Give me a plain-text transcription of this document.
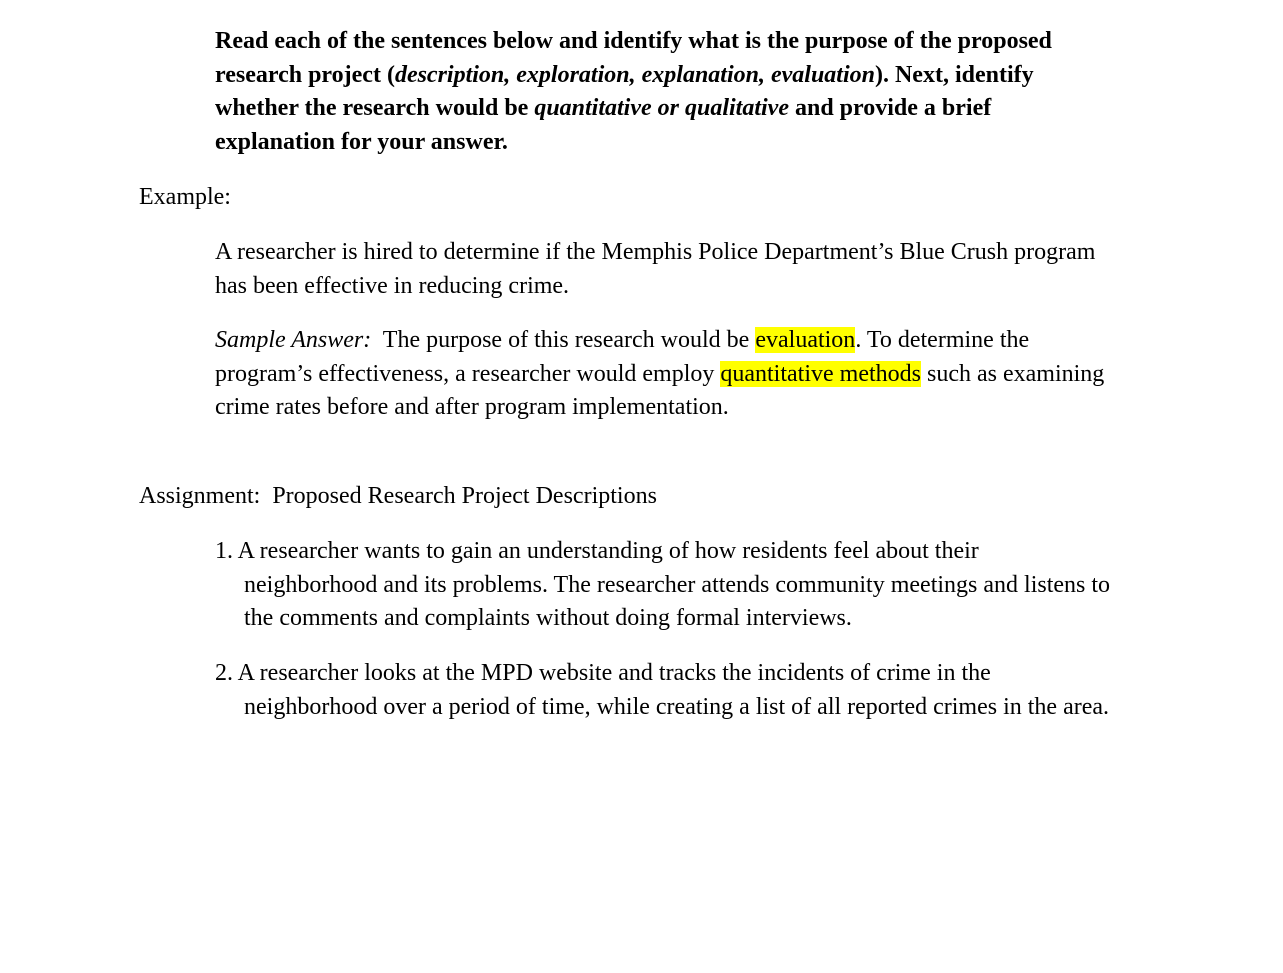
Read each of the sentences below and identify what is the purpose of the proposed research project (description, exploration, explanation, evaluation). Next, identify whether the research would be quantitative or qualitative and provide a brief explanation for your answer.

Example:

A researcher is hired to determine if the Memphis Police Department’s Blue Crush program has been effective in reducing crime.

Sample Answer:  The purpose of this research would be evaluation. To determine the program’s effectiveness, a researcher would employ quantitative methods such as examining crime rates before and after program implementation.

Assignment:  Proposed Research Project Descriptions

1. A researcher wants to gain an understanding of how residents feel about their neighborhood and its problems. The researcher attends community meetings and listens to the comments and complaints without doing formal interviews.

2. A researcher looks at the MPD website and tracks the incidents of crime in the neighborhood over a period of time, while creating a list of all reported crimes in the area.
